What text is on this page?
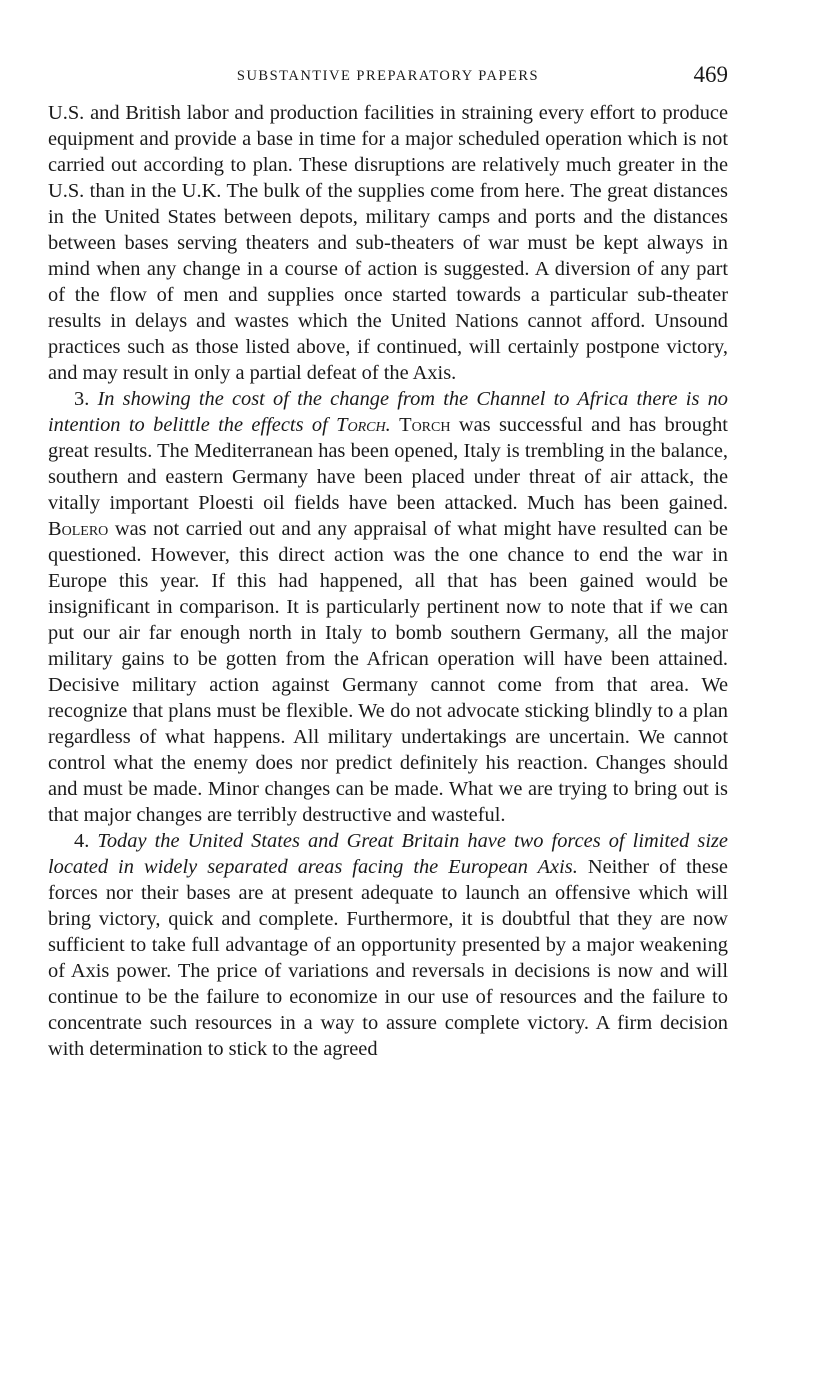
SUBSTANTIVE PREPARATORY PAPERS	469

U.S. and British labor and production facilities in straining every effort to produce equipment and provide a base in time for a major scheduled operation which is not carried out according to plan. These disruptions are relatively much greater in the U.S. than in the U.K. The bulk of the supplies come from here. The great distances in the United States between depots, military camps and ports and the distances between bases serving theaters and sub-theaters of war must be kept always in mind when any change in a course of action is suggested. A diversion of any part of the flow of men and supplies once started towards a particular sub-theater results in delays and wastes which the United Nations cannot afford. Unsound practices such as those listed above, if continued, will certainly postpone victory, and may result in only a partial defeat of the Axis.

3. In showing the cost of the change from the Channel to Africa there is no intention to belittle the effects of Torch. Torch was successful and has brought great results. The Mediterranean has been opened, Italy is trembling in the balance, southern and eastern Germany have been placed under threat of air attack, the vitally important Ploesti oil fields have been attacked. Much has been gained. Bolero was not carried out and any appraisal of what might have resulted can be questioned. However, this direct action was the one chance to end the war in Europe this year. If this had happened, all that has been gained would be insignificant in comparison. It is particularly pertinent now to note that if we can put our air far enough north in Italy to bomb southern Germany, all the major military gains to be gotten from the African operation will have been attained. Decisive military action against Germany cannot come from that area. We recognize that plans must be flexible. We do not advocate sticking blindly to a plan regardless of what happens. All military undertakings are uncertain. We cannot control what the enemy does nor predict definitely his reaction. Changes should and must be made. Minor changes can be made. What we are trying to bring out is that major changes are terribly destructive and wasteful.

4. Today the United States and Great Britain have two forces of limited size located in widely separated areas facing the European Axis. Neither of these forces nor their bases are at present adequate to launch an offensive which will bring victory, quick and complete. Furthermore, it is doubtful that they are now sufficient to take full advantage of an opportunity presented by a major weakening of Axis power. The price of variations and reversals in decisions is now and will continue to be the failure to economize in our use of resources and the failure to concentrate such resources in a way to assure complete victory. A firm decision with determination to stick to the agreed
